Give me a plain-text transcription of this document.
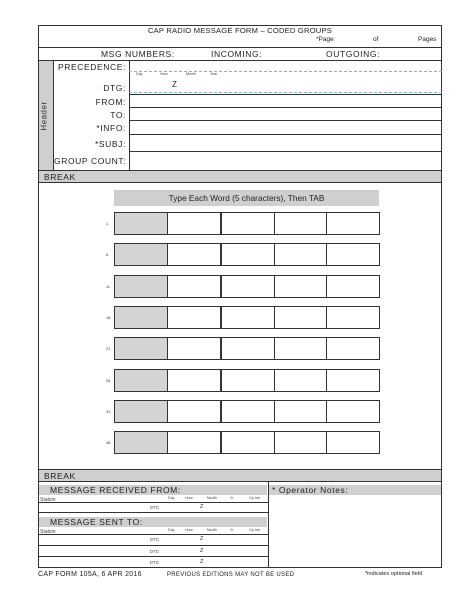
CAP RADIO MESSAGE FORM – CODED GROUPS
*Page	of	Pages
MSG NUMBERS:	INCOMING:	OUTGOING:
Header
PRECEDENCE:
DTG:
Day	Hour	Month	Year
Z
FROM:
TO:
*INFO:
*SUBJ:
GROUP COUNT:
BREAK
Type Each Word (5 characters), Then TAB
1.
6.
11.
16.
21.
26.
31.
36.
BREAK
MESSAGE RECEIVED FROM:
Station	Day	Hour	Month	Yr	Op Init
DTG	Z
MESSAGE SENT TO:
Station	Day	Hour	Month	Yr	Op Init
DTG	Z
DTG	Z
DTG	Z
* Operator Notes:
CAP FORM 105A, 6 APR 2016	PREVIOUS EDITIONS MAY NOT BE USED	*indicates optional field
